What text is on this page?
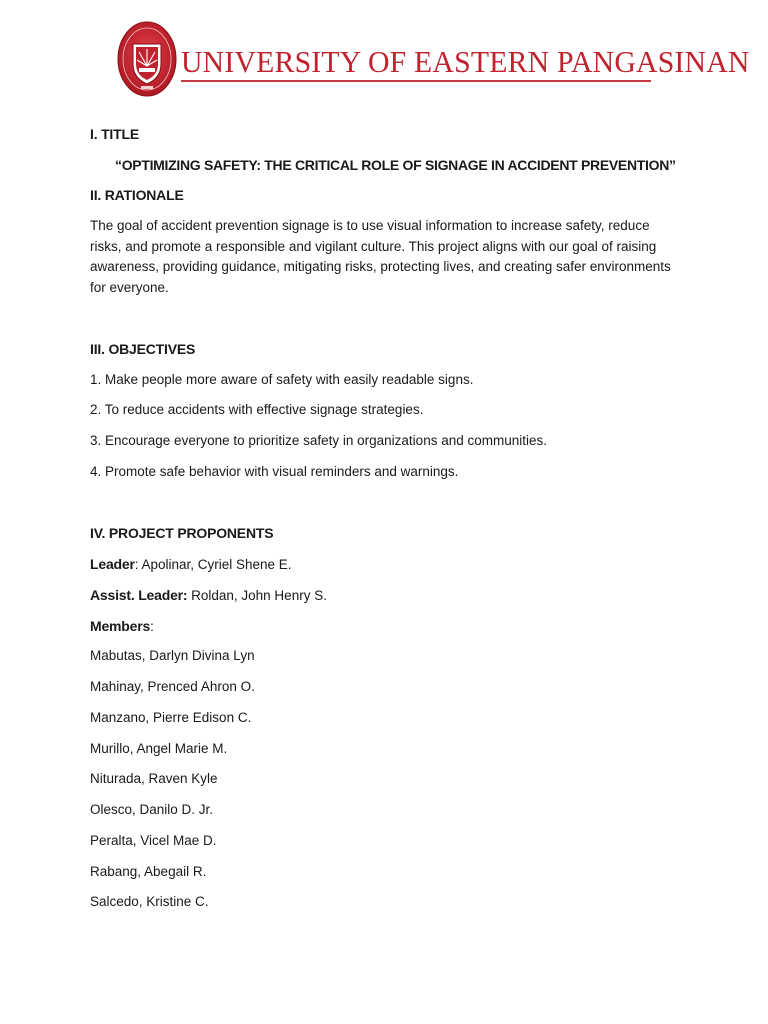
UNIVERSITY OF EASTERN PANGASINAN
I. TITLE
“OPTIMIZING SAFETY: THE CRITICAL ROLE OF SIGNAGE IN ACCIDENT PREVENTION”
II. RATIONALE
The goal of accident prevention signage is to use visual information to increase safety, reduce risks, and promote a responsible and vigilant culture. This project aligns with our goal of raising awareness, providing guidance, mitigating risks, protecting lives, and creating safer environments for everyone.
III. OBJECTIVES
1. Make people more aware of safety with easily readable signs.
2. To reduce accidents with effective signage strategies.
3. Encourage everyone to prioritize safety in organizations and communities.
4. Promote safe behavior with visual reminders and warnings.
IV. PROJECT PROPONENTS
Leader: Apolinar, Cyriel Shene E.
Assist. Leader: Roldan, John Henry S.
Members:
Mabutas, Darlyn Divina Lyn
Mahinay, Prenced Ahron O.
Manzano, Pierre Edison C.
Murillo, Angel Marie M.
Niturada, Raven Kyle
Olesco, Danilo D. Jr.
Peralta, Vicel Mae D.
Rabang, Abegail R.
Salcedo, Kristine C.
